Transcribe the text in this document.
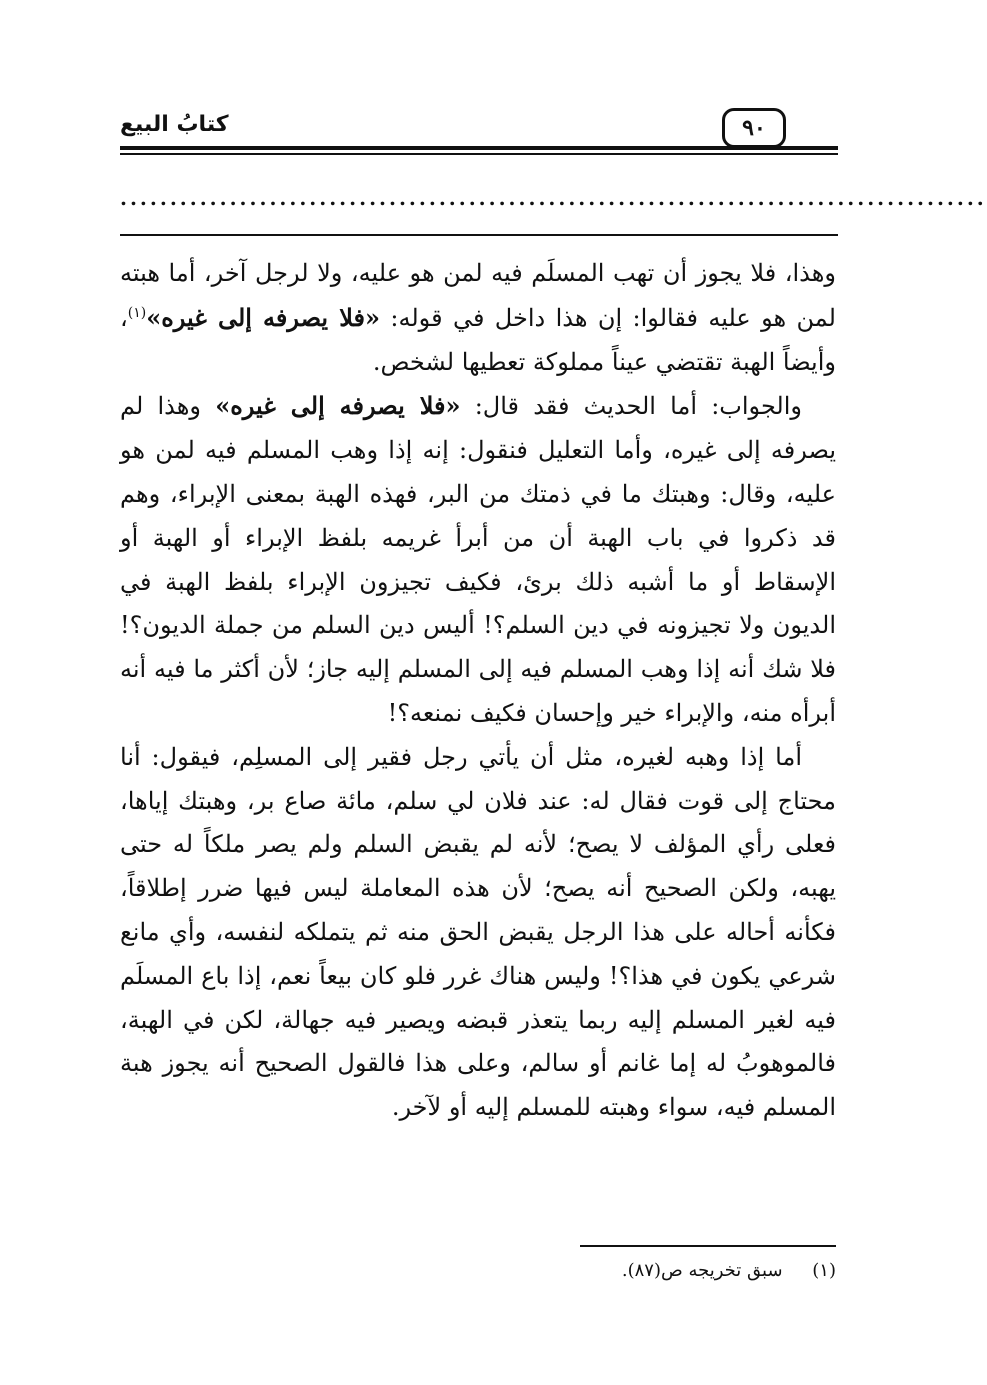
٩٠
كتابُ البيع
.......................................................................................

وهذا، فلا يجوز أن تهب المسلَم فيه لمن هو عليه، ولا لرجل آخر، أما هبته لمن هو عليه فقالوا: إن هذا داخل في قوله: «فلا يصرفه إلى غيره»$^{(١)}$، وأيضاً الهبة تقتضي عيناً مملوكة تعطيها لشخص.

والجواب: أما الحديث فقد قال: «فلا يصرفه إلى غيره» وهذا لم يصرفه إلى غيره، وأما التعليل فنقول: إنه إذا وهب المسلم فيه لمن هو عليه، وقال: وهبتك ما في ذمتك من البر، فهذه الهبة بمعنى الإبراء، وهم قد ذكروا في باب الهبة أن من أبرأ غريمه بلفظ الإبراء أو الهبة أو الإسقاط أو ما أشبه ذلك برئ، فكيف تجيزون الإبراء بلفظ الهبة في الديون ولا تجيزونه في دين السلم؟! أليس دين السلم من جملة الديون؟! فلا شك أنه إذا وهب المسلم فيه إلى المسلم إليه جاز؛ لأن أكثر ما فيه أنه أبرأه منه، والإبراء خير وإحسان فكيف نمنعه؟!

أما إذا وهبه لغيره، مثل أن يأتي رجل فقير إلى المسلِم، فيقول: أنا محتاج إلى قوت فقال له: عند فلان لي سلم، مائة صاع بر، وهبتك إياها، فعلى رأي المؤلف لا يصح؛ لأنه لم يقبض السلم ولم يصر ملكاً له حتى يهبه، ولكن الصحيح أنه يصح؛ لأن هذه المعاملة ليس فيها ضرر إطلاقاً، فكأنه أحاله على هذا الرجل يقبض الحق منه ثم يتملكه لنفسه، وأي مانع شرعي يكون في هذا؟! وليس هناك غرر فلو كان بيعاً نعم، إذا باع المسلَم فيه لغير المسلم إليه ربما يتعذر قبضه ويصير فيه جهالة، لكن في الهبة، فالموهوبُ له إما غانم أو سالم، وعلى هذا فالقول الصحيح أنه يجوز هبة المسلم فيه، سواء وهبته للمسلم إليه أو لآخر.

(١) سبق تخريجه ص(٨٧).
